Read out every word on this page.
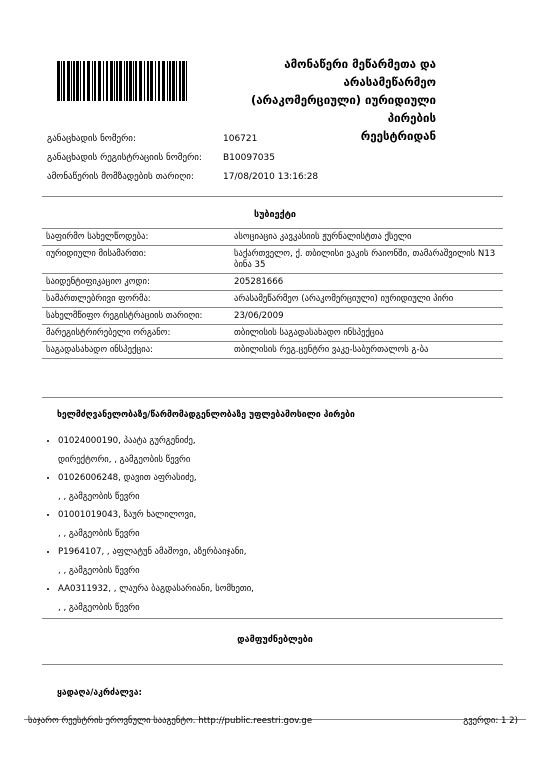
ამონაწერი მეწარმეთა და არასამეწარმეო
(არაკომერციული) იურიდიული პირების
რეესტრიდან
განაცხადის ნომერი:	106721
განაცხადის რეგისტრაციის ნომერი:	B10097035
ამონაწერის მომზადების თარიღი:	17/08/2010 13:16:28
სუბიექტი
საფირმო სახელწოდება:	ასოციაცია კავკასიის ჟურნალისტთა ქსელი
იურიდიული მისამართი:	საქართველო, ქ. თბილისი ვაკის რაიონში, თამარაშვილის N13 ბინა 35
საიდენტიფიკაციო კოდი:	205281666
სამართლებრივი ფორმა:	არასამეწარმეო (არაკომერციული) იურიდიული პირი
სახელმწიფო რეგისტრაციის თარიღი:	23/06/2009
მარეგისტრირებელი ორგანო:	თბილისის საგადასახადო ინსპექცია
საგადასახადო ინსპექცია:	თბილისის რეგ.ცენტრი ვაკე-საბურთალოს გ-ბა
ხელმძღვანელობაზე/წარმომადგენლობაზე უფლებამოსილი პირები
• 01024000190, პაატა გურგენიძე,
დირექტორი, , გამგეობის წევრი
• 01026006248, დავით აფრასიძე,
, , გამგეობის წევრი
• 01001019043, ზაურ ხალილოვი,
, , გამგეობის წევრი
• P1964107, , აფლატუნ ამაშოვი, აზერბაიჯანი,
, , გამგეობის წევრი
• AA0311932, , ლაურა ბაგდასარიანი, სომხეთი,
, , გამგეობის წევრი
დამფუძნებლები
ყადაღა/აკრძალვა:
საჯარო რეესტრის ეროვნული სააგენტო. http://public.reestri.gov.ge	გვერდი: 1 2)
